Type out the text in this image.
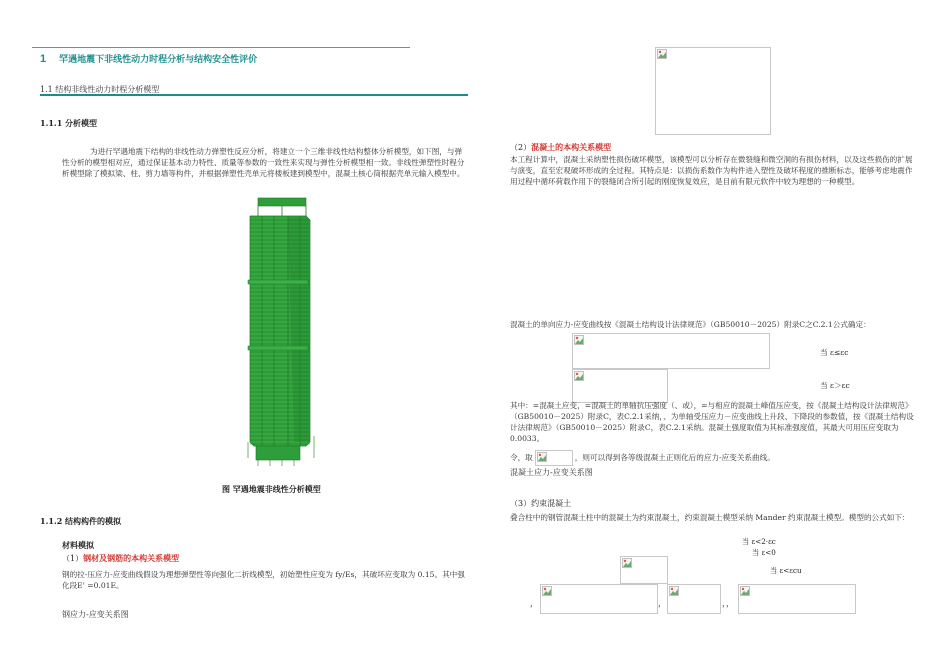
1 罕遇地震下非线性动力时程分析与结构安全性评价
1.1 结构非线性动力时程分析模型
1.1.1 分析模型
为进行罕遇地震下结构的非线性动力弹塑性反应分析，将建立一个三维非线性结构整体分析模型，如下图，与弹性分析的模型相对应，通过保证基本动力特性、质量等参数的一致性来实现与弹性分析模型相一致。非线性弹塑性时程分析模型除了模拟梁、柱、剪力墙等构件，并根据弹塑性壳单元将楼板建到模型中，混凝土核心筒根据壳单元输入模型中。
图 罕遇地震非线性分析模型
1.1.2 结构构件的模拟
材料模拟
（1）钢材及钢筋的本构关系模型
钢的拉-压应力-应变曲线假设为理想弹塑性等向强化二折线模型，初始塑性应变为 fy/Es，其破坏应变取为 0.15。其中强化段E' =0.01E。
钢应力-应变关系图
（2）混凝土的本构关系模型
本工程计算中，混凝土采纳塑性损伤破坏模型，该模型可以分析存在微裂缝和微空洞的有损伤材料，以及这些损伤的扩展与演变，直至宏观破坏形成的全过程。其特点是：以损伤系数作为构件进入塑性及破坏程度的推断标志，能够考虑地震作用过程中循环荷载作用下的裂缝闭合所引起的刚度恢复效应，是目前有限元软件中较为理想的一种模型。
混凝土的单向应力-应变曲线按《混凝土结构设计法律规范》（GB50010－2025）附录C之C.2.1公式确定：
当 ε≤εc
当 ε＞εc
其中：=混凝土应变，=混凝土的单轴抗压强度（、或），=与相应的混凝土峰值压应变，按《混凝土结构设计法律规范》（GB50010－2025）附录C，表C.2.1采纳，、为单轴受压应力－应变曲线上升段、下降段的参数值，按《混凝土结构设计法律规范》（GB50010－2025）附录C，表C.2.1采纳。混凝土强度取值为其标准强度值，其最大可用压应变取为0.0033。
令，取	，则可以得到各等级混凝土正则化后的应力-应变关系曲线。
混凝土应力-应变关系图
（3）约束混凝土
叠合柱中的钢管混凝土柱中的混凝土为约束混凝土，约束混凝土模型采纳 Mander 约束混凝土模型。模型的公式如下：
当 ε<2·εc
当 ε<0
当 ε<εcu
，	，	，，
